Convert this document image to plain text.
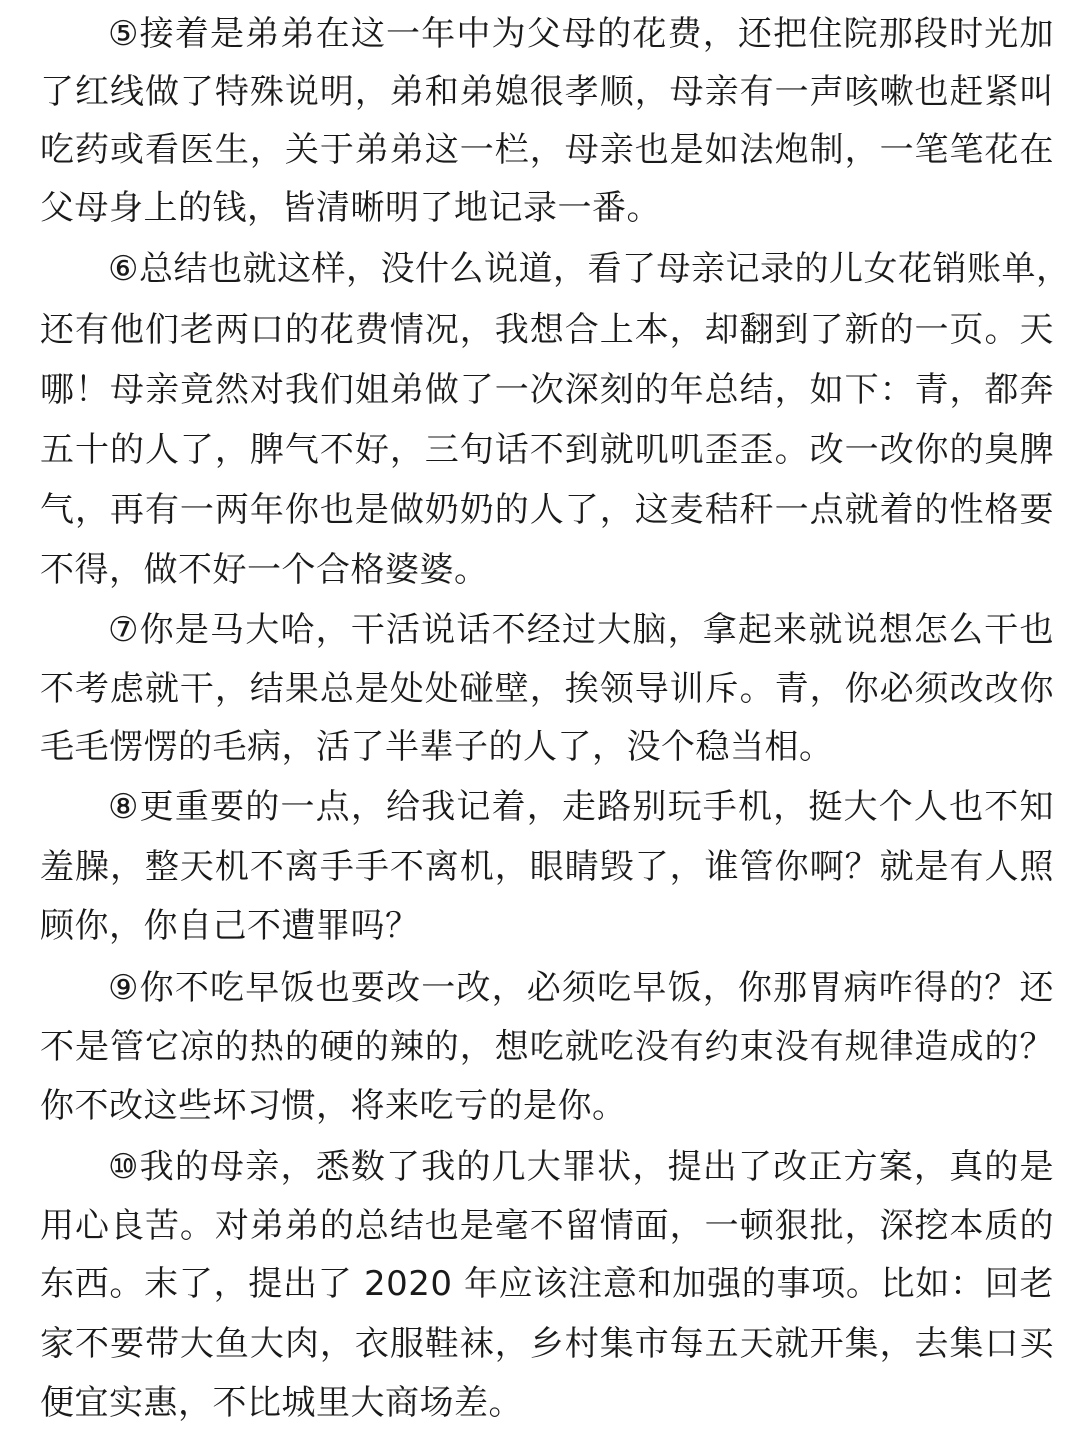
⑤接着是弟弟在这一年中为父母的花费，还把住院那段时光加
了红线做了特殊说明，弟和弟媳很孝顺，母亲有一声咳嗽也赶紧叫
吃药或看医生，关于弟弟这一栏，母亲也是如法炮制，一笔笔花在
父母身上的钱，皆清晰明了地记录一番。
⑥总结也就这样，没什么说道，看了母亲记录的儿女花销账单，
还有他们老两口的花费情况，我想合上本，却翻到了新的一页。天
哪！母亲竟然对我们姐弟做了一次深刻的年总结，如下：青，都奔
五十的人了，脾气不好，三句话不到就叽叽歪歪。改一改你的臭脾
气，再有一两年你也是做奶奶的人了，这麦秸秆一点就着的性格要
不得，做不好一个合格婆婆。
⑦你是马大哈，干活说话不经过大脑，拿起来就说想怎么干也
不考虑就干，结果总是处处碰壁，挨领导训斥。青，你必须改改你
毛毛愣愣的毛病，活了半辈子的人了，没个稳当相。
⑧更重要的一点，给我记着，走路别玩手机，挺大个人也不知
羞臊，整天机不离手手不离机，眼睛毁了，谁管你啊？就是有人照
顾你，你自己不遭罪吗？
⑨你不吃早饭也要改一改，必须吃早饭，你那胃病咋得的？还
不是管它凉的热的硬的辣的，想吃就吃没有约束没有规律造成的？
你不改这些坏习惯，将来吃亏的是你。
⑩我的母亲，悉数了我的几大罪状，提出了改正方案，真的是
用心良苦。对弟弟的总结也是毫不留情面，一顿狠批，深挖本质的
东西。末了，提出了 2020 年应该注意和加强的事项。比如：回老
家不要带大鱼大肉，衣服鞋袜，乡村集市每五天就开集，去集口买
便宜实惠，不比城里大商场差。
